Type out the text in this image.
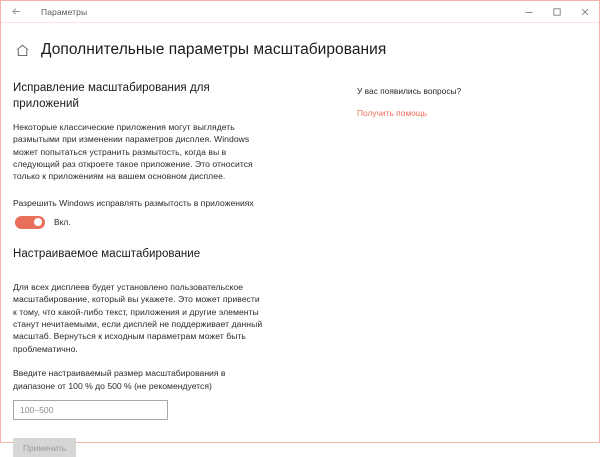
Параметры
Дополнительные параметры масштабирования
Исправление масштабирования для приложений

Некоторые классические приложения могут выглядеть размытыми при изменении параметров дисплея. Windows может попытаться устранить размытость, когда вы в следующий раз откроете такое приложение. Это относится только к приложениям на вашем основном дисплее.

Разрешить Windows исправлять размытость в приложениях

Вкл.
Настраиваемое масштабирование

Для всех дисплеев будет установлено пользовательское масштабирование, который вы укажете. Это может привести к тому, что какой-либо текст, приложения и другие элементы станут нечитаемыми, если дисплей не поддерживает данный масштаб. Вернуться к исходным параметрам может быть проблематично.

Введите настраиваемый размер масштабирования в диапазоне от 100 % до 500 % (не рекомендуется)

100–500
Применить

У вас появились вопросы?

Получить помощь
